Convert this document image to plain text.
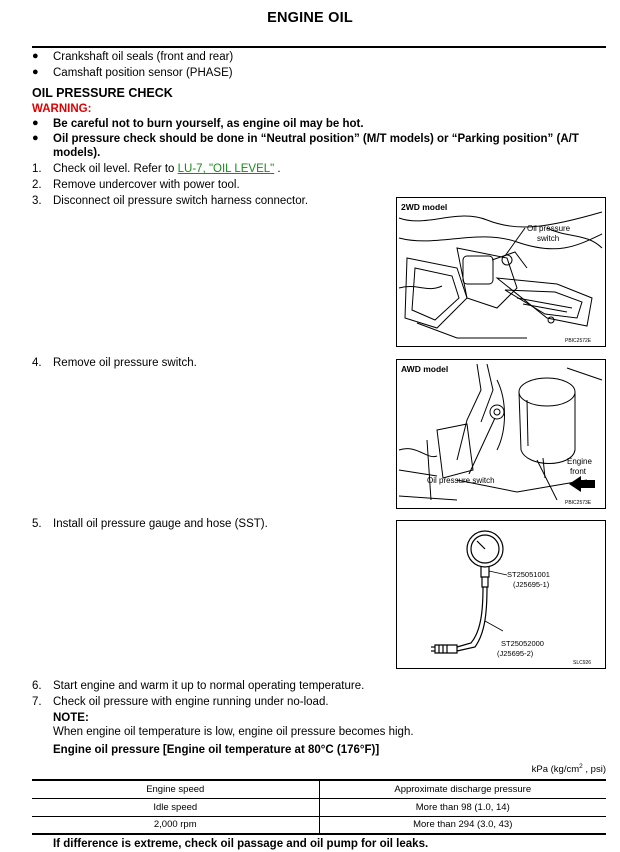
ENGINE OIL
● Crankshaft oil seals (front and rear)
● Camshaft position sensor (PHASE)
OIL PRESSURE CHECK
WARNING:
● Be careful not to burn yourself, as engine oil may be hot.
● Oil pressure check should be done in “Neutral position” (M/T models) or “Parking position” (A/T
models).
1. Check oil level. Refer to LU-7, "OIL LEVEL" .
2. Remove undercover with power tool.
3. Disconnect oil pressure switch harness connector.	2WD model
Oil pressure
switch
PBIC2572E
4. Remove oil pressure switch.	AWD model
Oil pressure switch
Engine
front
PBIC2573E
5. Install oil pressure gauge and hose (SST).
ST25051001
(J25695-1)
ST25052000
(J25695-2)
SLC926
6. Start engine and warm it up to normal operating temperature.
7. Check oil pressure with engine running under no-load.
NOTE:
When engine oil temperature is low, engine oil pressure becomes high.
Engine oil pressure [Engine oil temperature at 80°C (176°F)]
kPa ($kg/cm^2$ , psi)
Engine speed	Approximate discharge pressure
Idle speed	More than 98 (1.0, 14)
2,000 rpm	More than 294 (3.0, 43)
If difference is extreme, check oil passage and oil pump for oil leaks.
